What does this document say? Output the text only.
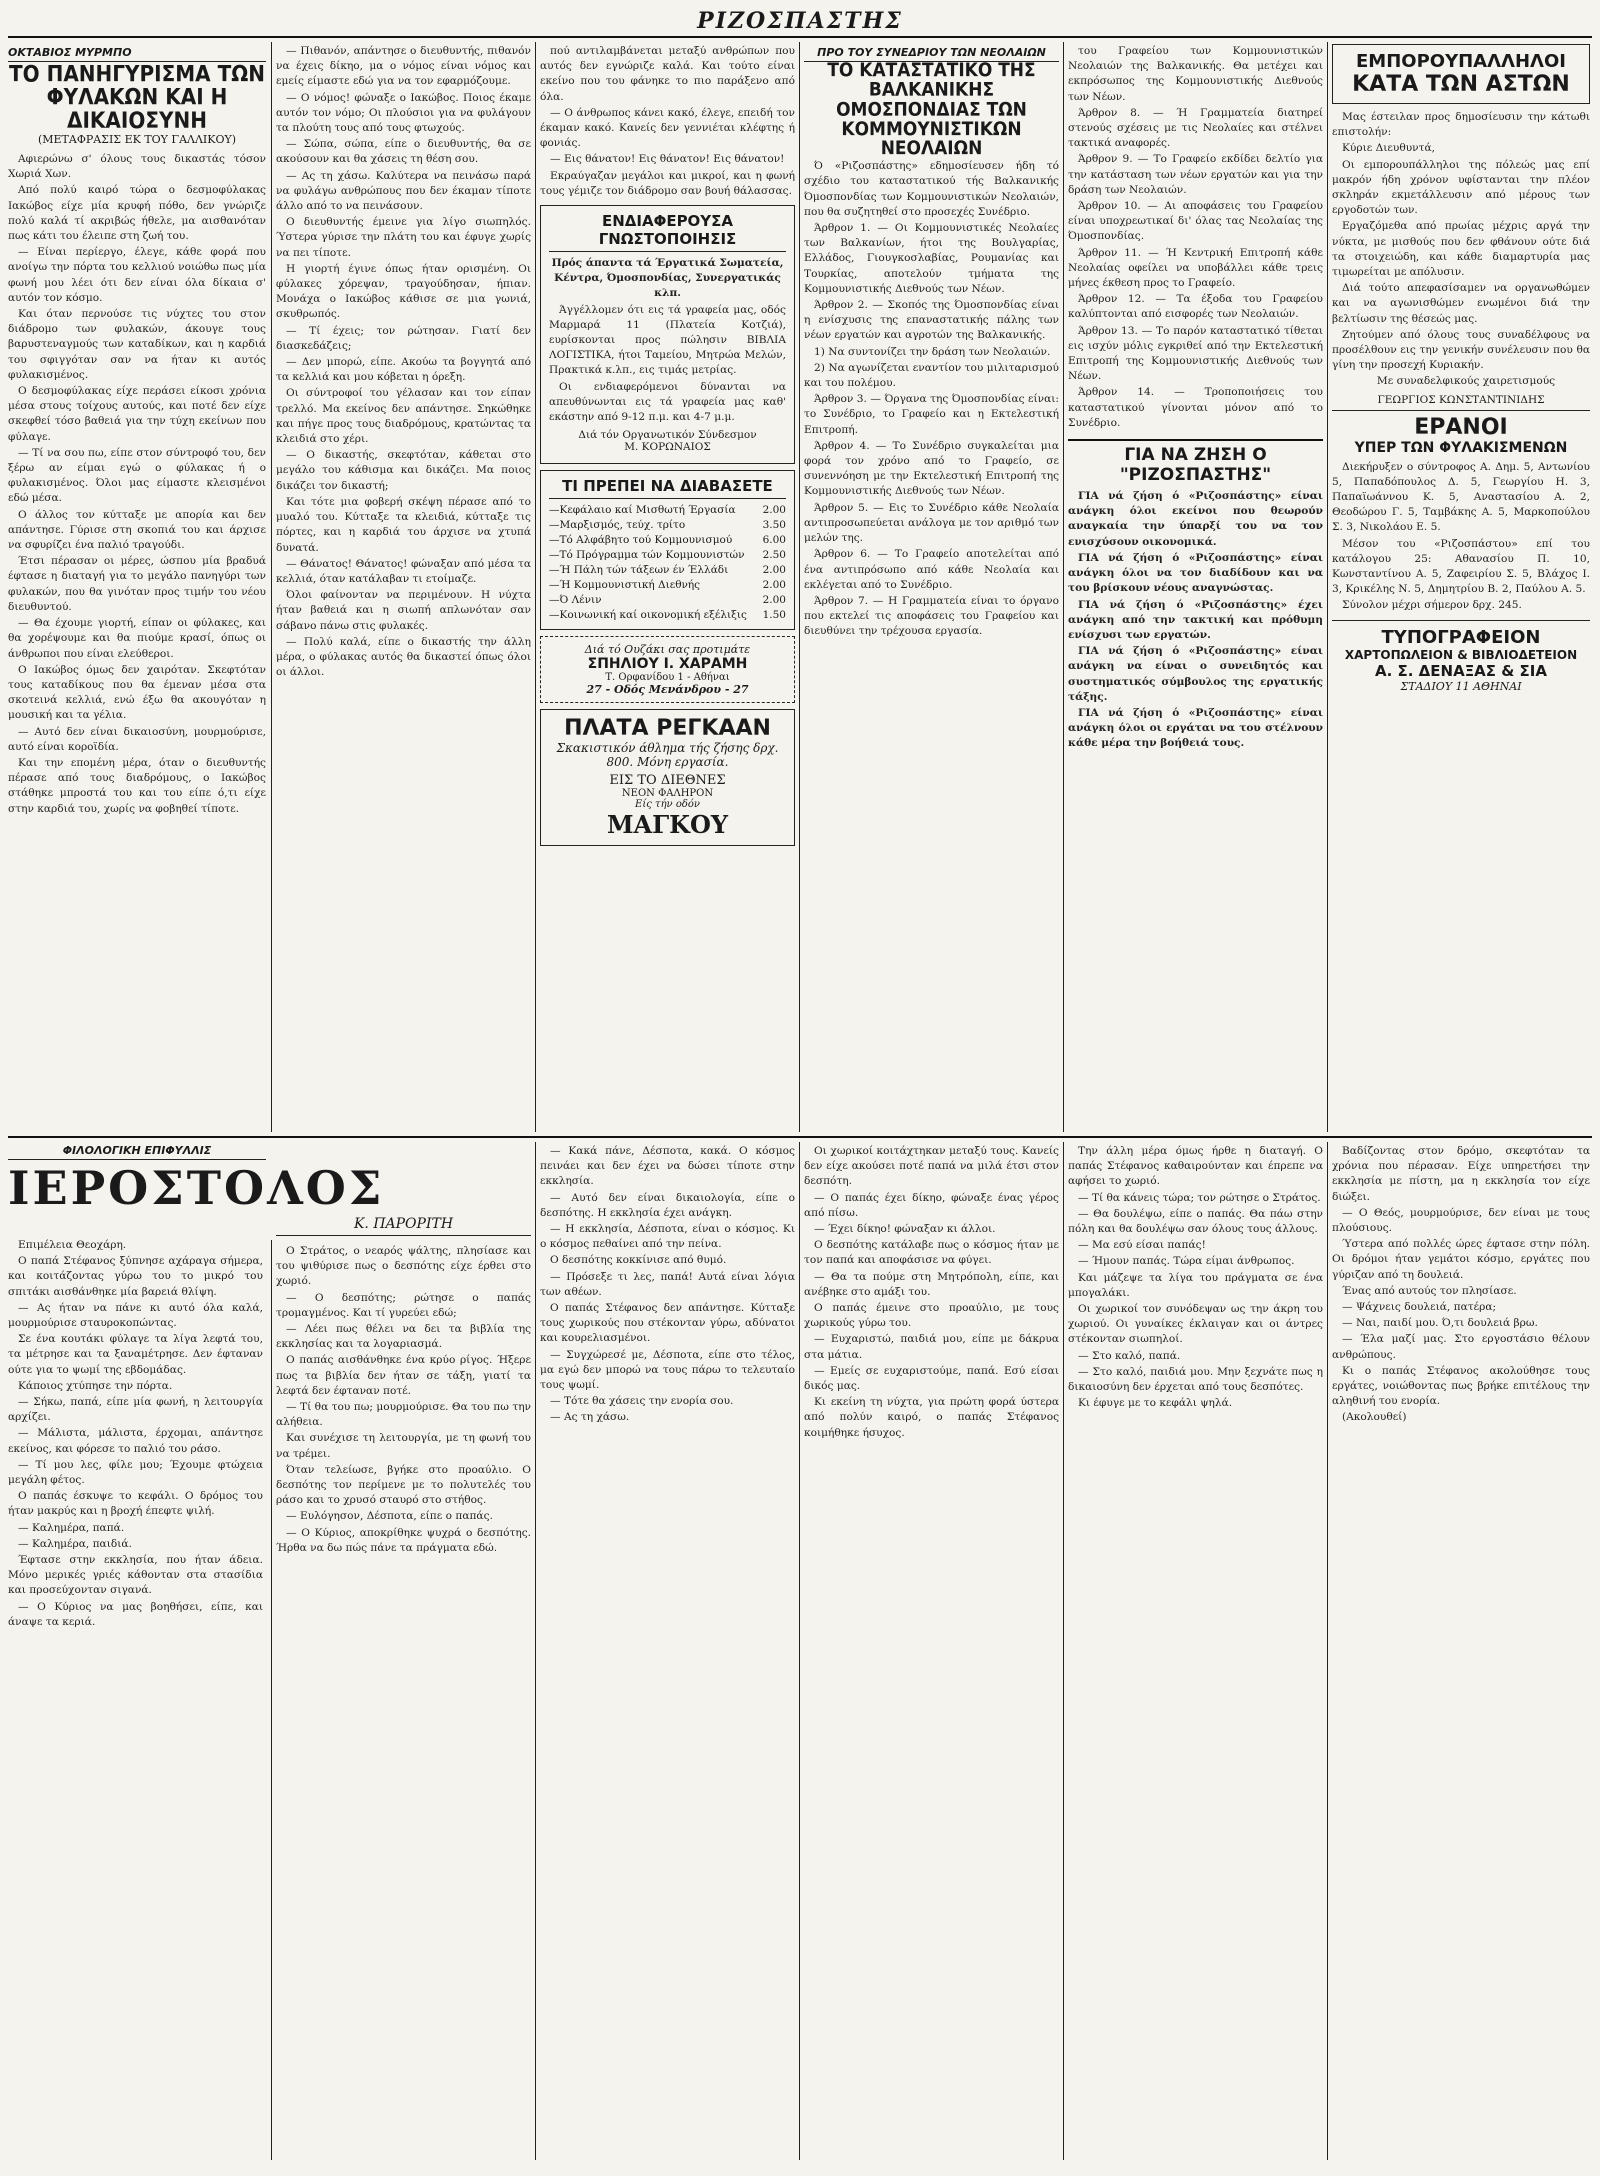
ΡΙΖΟΣΠΑΣΤΗΣ
ΟΚΤΑΒΙΟΣ ΜΥΡΜΠΟ
ΤΟ ΠΑΝΗΓΥΡΙΣΜΑ ΤΩΝ ΦΥΛΑΚΩΝ ΚΑΙ Η ΔΙΚΑΙΟΣΥΝΗ
(ΜΕΤΑΦΡΑΣΙΣ ΕΚ ΤΟΥ ΓΑΛΛΙΚΟΥ)

Αφιερώνω σ' όλους τους δικαστάς τόσον Χωριά Χων.

Από πολύ καιρό τώρα ο δεσμοφύλακας Ιακώβος είχε μία κρυφή πόθο, δεν γνώριζε πολύ καλά τί ακριβώς ήθελε, μα αισθανόταν πως κάτι του έλειπε στη ζωή του.

— Είναι περίεργο, έλεγε, κάθε φορά που ανοίγω την πόρτα του κελλιού νοιώθω πως μία φωνή μου λέει ότι δεν είναι όλα δίκαια σ' αυτόν τον κόσμο.

Και όταν περνούσε τις νύχτες του στον διάδρομο των φυλακών, άκουγε τους βαρυστεναγμούς των καταδίκων, και η καρδιά του σφιγγόταν σαν να ήταν κι αυτός φυλακισμένος.

Ο δεσμοφύλακας είχε περάσει είκοσι χρόνια μέσα στους τοίχους αυτούς, και ποτέ δεν είχε σκεφθεί τόσο βαθειά για την τύχη εκείνων που φύλαγε.

— Τί να σου πω, είπε στον σύντροφό του, δεν ξέρω αν είμαι εγώ ο φύλακας ή ο φυλακισμένος. Όλοι μας είμαστε κλεισμένοι εδώ μέσα.

Ο άλλος τον κύτταξε με απορία και δεν απάντησε. Γύρισε στη σκοπιά του και άρχισε να σφυρίζει ένα παλιό τραγούδι.

Έτσι πέρασαν οι μέρες, ώσπου μία βραδυά έφτασε η διαταγή για το μεγάλο πανηγύρι των φυλακών, που θα γινόταν προς τιμήν του νέου διευθυντού.

— Θα έχουμε γιορτή, είπαν οι φύλακες, και θα χορέψουμε και θα πιούμε κρασί, όπως οι άνθρωποι που είναι ελεύθεροι.

Ο Ιακώβος όμως δεν χαιρόταν. Σκεφτόταν τους καταδίκους που θα έμεναν μέσα στα σκοτεινά κελλιά, ενώ έξω θα ακουγόταν η μουσική και τα γέλια.

— Αυτό δεν είναι δικαιοσύνη, μουρμούρισε, αυτό είναι κοροϊδία.

Και την επομένη μέρα, όταν ο διευθυντής πέρασε από τους διαδρόμους, ο Ιακώβος στάθηκε μπροστά του και του είπε ό,τι είχε στην καρδιά του, χωρίς να φοβηθεί τίποτε.

— Πιθανόν, απάντησε ο διευθυντής, πιθανόν να έχεις δίκηο, μα ο νόμος είναι νόμος και εμείς είμαστε εδώ για να τον εφαρμόζουμε.

— Ο νόμος! φώναξε ο Ιακώβος. Ποιος έκαμε αυτόν τον νόμο; Οι πλούσιοι για να φυλάγουν τα πλούτη τους από τους φτωχούς.

— Σώπα, σώπα, είπε ο διευθυντής, θα σε ακούσουν και θα χάσεις τη θέση σου.

— Ας τη χάσω. Καλύτερα να πεινάσω παρά να φυλάγω ανθρώπους που δεν έκαμαν τίποτε άλλο από το να πεινάσουν.

Ο διευθυντής έμεινε για λίγο σιωπηλός. Ύστερα γύρισε την πλάτη του και έφυγε χωρίς να πει τίποτε.

Η γιορτή έγινε όπως ήταν ορισμένη. Οι φύλακες χόρεψαν, τραγούδησαν, ήπιαν. Μονάχα ο Ιακώβος κάθισε σε μια γωνιά, σκυθρωπός.

— Τί έχεις; τον ρώτησαν. Γιατί δεν διασκεδάζεις;

— Δεν μπορώ, είπε. Ακούω τα βογγητά από τα κελλιά και μου κόβεται η όρεξη.

Οι σύντροφοί του γέλασαν και τον είπαν τρελλό. Μα εκείνος δεν απάντησε. Σηκώθηκε και πήγε προς τους διαδρόμους, κρατώντας τα κλειδιά στο χέρι.

— Ο δικαστής, σκεφτόταν, κάθεται στο μεγάλο του κάθισμα και δικάζει. Μα ποιος δικάζει τον δικαστή;

Και τότε μια φοβερή σκέψη πέρασε από το μυαλό του. Κύτταξε τα κλειδιά, κύτταξε τις πόρτες, και η καρδιά του άρχισε να χτυπά δυνατά.

— Θάνατος! Θάνατος! φώναξαν από μέσα τα κελλιά, όταν κατάλαβαν τι ετοίμαζε.

Όλοι φαίνονταν να περιμένουν. Η νύχτα ήταν βαθειά και η σιωπή απλωνόταν σαν σάβανο πάνω στις φυλακές.

— Πολύ καλά, είπε ο δικαστής την άλλη μέρα, ο φύλακας αυτός θα δικαστεί όπως όλοι οι άλλοι.

πού αντιλαμβάνεται μεταξύ ανθρώπων που αυτός δεν εγνώριζε καλά. Και τούτο είναι εκείνο που του φάνηκε το πιο παράξενο από όλα.

— Ο άνθρωπος κάνει κακό, έλεγε, επειδή τον έκαμαν κακό. Κανείς δεν γεννιέται κλέφτης ή φονιάς.

— Εις θάνατον! Εις θάνατον! Εις θάνατον!

Εκραύγαζαν μεγάλοι και μικροί, και η φωνή τους γέμιζε τον διάδρομο σαν βουή θάλασσας.

ΕΝΔΙΑΦΕΡΟΥΣΑ ΓΝΩΣΤΟΠΟΙΗΣΙΣ

Πρός άπαντα τά Έργατικά Σωματεία, Κέντρα, Όμοσπονδίας, Συνεργατικάς κλπ.

Άγγέλλομεν ότι εις τά γραφεία μας, οδός Μαρμαρά 11 (Πλατεία Κοτζιά), ευρίσκονται προς πώλησιν ΒΙΒΛΙΑ ΛΟΓΙΣΤΙΚΑ, ήτοι Ταμείου, Μητρώα Μελών, Πρακτικά κ.λπ., εις τιμάς μετρίας.

Οι ενδιαφερόμενοι δύνανται να απευθύνωνται εις τά γραφεία μας καθ' εκάστην από 9-12 π.μ. και 4-7 μ.μ.

Διά τόν Οργανωτικόν Σύνδεσμον
Μ. ΚΟΡΩΝΑΙΟΣ
ΤΙ ΠΡΕΠΕΙ ΝΑ ΔΙΑΒΑΣΕΤΕ
—Κεφάλαιο καί Μισθωτή Έργασία	2.00
—Μαρξισμός, τεύχ. τρίτο	3.50
—Τό Αλφάβητο τού Κομμουνισμού	6.00
—Τό Πρόγραμμα τών Κομμουνιστών 2.50
—Ή Πάλη τών τάξεων έν Έλλάδι	2.00
—Ή Κομμουνιστική Διεθνής	2.00
—Ό Λένιν	2.00
—Κοινωνική καί οικονομική εξέλιξις 1.50
Διά τό Ουζάκι σας προτιμάτε
ΣΠΗΛΙΟΥ Ι. ΧΑΡΑΜΗ
Τ. Ορφανίδου 1 - Αθήναι
27 - Οδός Μενάνδρου - 27
ΠΛΑΤΑ ΡΕΓΚΑΑΝ
Σκακιστικόν άθλημα τής ζήσης δρχ. 800. Μόνη εργασία.
ΕΙΣ ΤΟ ΔΙΕΘΝΕΣ
ΝΕΟΝ ΦΑΛΗΡΟΝ
Είς τήν οδόν
ΜΑΓΚΟΥ
ΠΡΟ ΤΟΥ ΣΥΝΕΔΡΙΟΥ ΤΩΝ ΝΕΟΛΑΙΩΝ
ΤΟ ΚΑΤΑΣΤΑΤΙΚΟ ΤΗΣ ΒΑΛΚΑΝΙΚΗΣ ΟΜΟΣΠΟΝΔΙΑΣ ΤΩΝ ΚΟΜΜΟΥΝΙΣΤΙΚΩΝ ΝΕΟΛΑΙΩΝ

Ό «Ριζοσπάστης» εδημοσίευσεν ήδη τό σχέδιο του καταστατικού τής Βαλκανικής Όμοσπονδίας των Κομμουνιστικών Νεολαιών, που θα συζητηθεί στο προσεχές Συνέδριο.

Άρθρον 1. — Οι Κομμουνιστικές Νεολαίες των Βαλκανίων, ήτοι της Βουλγαρίας, Ελλάδος, Γιουγκοσλαβίας, Ρουμανίας και Τουρκίας, αποτελούν τμήματα της Κομμουνιστικής Διεθνούς των Νέων.

Άρθρον 2. — Σκοπός της Όμοσπονδίας είναι η ενίσχυσις της επαναστατικής πάλης των νέων εργατών και αγροτών της Βαλκανικής.

1) Να συντονίζει την δράση των Νεολαιών.

2) Να αγωνίζεται εναντίον του μιλιταρισμού και του πολέμου.

Άρθρον 3. — Όργανα της Όμοσπονδίας είναι: το Συνέδριο, το Γραφείο και η Εκτελεστική Επιτροπή.

Άρθρον 4. — Το Συνέδριο συγκαλείται μια φορά τον χρόνο από το Γραφείο, σε συνεννόηση με την Εκτελεστική Επιτροπή της Κομμουνιστικής Διεθνούς των Νέων.

Άρθρον 5. — Εις το Συνέδριο κάθε Νεολαία αντιπροσωπεύεται ανάλογα με τον αριθμό των μελών της.

Άρθρον 6. — Το Γραφείο αποτελείται από ένα αντιπρόσωπο από κάθε Νεολαία και εκλέγεται από το Συνέδριο.

Άρθρον 7. — Η Γραμματεία είναι το όργανο που εκτελεί τις αποφάσεις του Γραφείου και διευθύνει την τρέχουσα εργασία.

του Γραφείου των Κομμουνιστικών Νεολαιών της Βαλκανικής. Θα μετέχει και εκπρόσωπος της Κομμουνιστικής Διεθνούς των Νέων.

Άρθρον 8. — Ή Γραμματεία διατηρεί στενούς σχέσεις με τις Νεολαίες και στέλνει τακτικά αναφορές.

Άρθρον 9. — Το Γραφείο εκδίδει δελτίο για την κατάσταση των νέων εργατών και για την δράση των Νεολαιών.

Άρθρον 10. — Αι αποφάσεις του Γραφείου είναι υποχρεωτικαί δι' όλας τας Νεολαίας της Όμοσπονδίας.

Άρθρον 11. — Ή Κεντρική Επιτροπή κάθε Νεολαίας οφείλει να υποβάλλει κάθε τρεις μήνες έκθεση προς το Γραφείο.

Άρθρον 12. — Τα έξοδα του Γραφείου καλύπτονται από εισφορές των Νεολαιών.

Άρθρον 13. — Το παρόν καταστατικό τίθεται εις ισχύν μόλις εγκριθεί από την Εκτελεστική Επιτροπή της Κομμουνιστικής Διεθνούς των Νέων.

Άρθρον 14. — Τροποποιήσεις του καταστατικού γίνονται μόνον από το Συνέδριο.

ΓΙΑ ΝΑ ΖΗΣΗ Ο "ΡΙΖΟΣΠΑΣΤΗΣ"

ΓΙΑ νά ζήση ό «Ριζοσπάστης» είναι ανάγκη όλοι εκείνοι που θεωρούν αναγκαία την ύπαρξί του να τον ενισχύσουν οικονομικά.

ΓΙΑ νά ζήση ό «Ριζοσπάστης» είναι ανάγκη όλοι να τον διαδίδουν και να του βρίσκουν νέους αναγνώστας.

ΓΙΑ νά ζήση ό «Ριζοσπάστης» έχει ανάγκη από την τακτική και πρόθυμη ενίσχυσι των εργατών.

ΓΙΑ νά ζήση ό «Ριζοσπάστης» είναι ανάγκη να είναι ο συνειδητός και συστηματικός σύμβουλος της εργατικής τάξης.

ΓΙΑ νά ζήση ό «Ριζοσπάστης» είναι ανάγκη όλοι οι εργάται να του στέλνουν κάθε μέρα την βοήθειά τους.

ΕΜΠΟΡΟΥΠΑΛΛΗΛΟΙ
ΚΑΤΑ ΤΩΝ ΑΣΤΩΝ

Μας έστειλαν προς δημοσίευσιν την κάτωθι επιστολήν:

Κύριε Διευθυντά,

Οι εμπορουπάλληλοι της πόλεώς μας επί μακρόν ήδη χρόνον υφίστανται την πλέον σκληράν εκμετάλλευσιν από μέρους των εργοδοτών των.

Εργαζόμεθα από πρωίας μέχρις αργά την νύκτα, με μισθούς που δεν φθάνουν ούτε διά τα στοιχειώδη, και κάθε διαμαρτυρία μας τιμωρείται με απόλυσιν.

Διά τούτο απεφασίσαμεν να οργανωθώμεν και να αγωνισθώμεν ενωμένοι διά την βελτίωσιν της θέσεώς μας.

Ζητούμεν από όλους τους συναδέλφους να προσέλθουν εις την γενικήν συνέλευσιν που θα γίνη την προσεχή Κυριακήν.

Με συναδελφικούς χαιρετισμούς

ΓΕΩΡΓΙΟΣ ΚΩΝΣΤΑΝΤΙΝΙΔΗΣ
ΕΡΑΝΟΙ
ΥΠΕΡ ΤΩΝ ΦΥΛΑΚΙΣΜΕΝΩΝ

Διεκήρυξεν ο σύντροφος Α. Δημ. 5, Αντωνίου 5, Παπαδόπουλος Δ. 5, Γεωργίου Η. 3, Παπαϊωάννου Κ. 5, Αναστασίου Α. 2, Θεοδώρου Γ. 5, Ταμβάκης Α. 5, Μαρκοπούλου Σ. 3, Νικολάου Ε. 5.

Μέσον του «Ριζοσπάστου» επί του κατάλογου 25: Αθανασίου Π. 10, Κωνσταντίνου Α. 5, Ζαφειρίου Σ. 5, Βλάχος Ι. 3, Κρικέλης Ν. 5, Δημητρίου Β. 2, Παύλου Α. 5.

Σύνολον μέχρι σήμερον δρχ. 245.

ΤΥΠΟΓΡΑΦΕΙΟΝ
ΧΑΡΤΟΠΩΛΕΙΟΝ & ΒΙΒΛΙΟΔΕΤΕΙΟΝ
Α. Σ. ΔΕΝΑΞΑΣ & ΣΙΑ
ΣΤΑΔΙΟΥ 11 ΑΘΗΝΑΙ
ΦΙΛΟΛΟΓΙΚΗ ΕΠΙΦΥΛΛΙΣ
ΙΕΡΟΣΤΟΛΟΣ
Κ. ΠΑΡΟΡΙΤΗ

Επιμέλεια Θεοχάρη.

Ο παπά Στέφανος ξύπνησε αχάραγα σήμερα, και κοιτάζοντας γύρω του το μικρό του σπιτάκι αισθάνθηκε μία βαρειά θλίψη.

— Ας ήταν να πάνε κι αυτό όλα καλά, μουρμούρισε σταυροκοπώντας.

Σε ένα κουτάκι φύλαγε τα λίγα λεφτά του, τα μέτρησε και τα ξαναμέτρησε. Δεν έφταναν ούτε για το ψωμί της εβδομάδας.

Κάποιος χτύπησε την πόρτα.

— Σήκω, παπά, είπε μία φωνή, η λειτουργία αρχίζει.

— Μάλιστα, μάλιστα, έρχομαι, απάντησε εκείνος, και φόρεσε το παλιό του ράσο.

— Τί μου λες, φίλε μου; Έχουμε φτώχεια μεγάλη φέτος.

Ο παπάς έσκυψε το κεφάλι. Ο δρόμος του ήταν μακρύς και η βροχή έπεφτε ψιλή.

— Καλημέρα, παπά.

— Καλημέρα, παιδιά.

Έφτασε στην εκκλησία, που ήταν άδεια. Μόνο μερικές γριές κάθονταν στα στασίδια και προσεύχονταν σιγανά.

— Ο Κύριος να μας βοηθήσει, είπε, και άναψε τα κεριά.

Ο Στράτος, ο νεαρός ψάλτης, πλησίασε και του ψιθύρισε πως ο δεσπότης είχε έρθει στο χωριό.

— Ο δεσπότης; ρώτησε ο παπάς τρομαγμένος. Και τί γυρεύει εδώ;

— Λέει πως θέλει να δει τα βιβλία της εκκλησίας και τα λογαριασμά.

Ο παπάς αισθάνθηκε ένα κρύο ρίγος. Ήξερε πως τα βιβλία δεν ήταν σε τάξη, γιατί τα λεφτά δεν έφταναν ποτέ.

— Τί θα του πω; μουρμούρισε. Θα του πω την αλήθεια.

Και συνέχισε τη λειτουργία, με τη φωνή του να τρέμει.

Όταν τελείωσε, βγήκε στο προαύλιο. Ο δεσπότης τον περίμενε με το πολυτελές του ράσο και το χρυσό σταυρό στο στήθος.

— Ευλόγησον, Δέσποτα, είπε ο παπάς.

— Ο Κύριος, αποκρίθηκε ψυχρά ο δεσπότης. Ήρθα να δω πώς πάνε τα πράγματα εδώ.

— Κακά πάνε, Δέσποτα, κακά. Ο κόσμος πεινάει και δεν έχει να δώσει τίποτε στην εκκλησία.

— Αυτό δεν είναι δικαιολογία, είπε ο δεσπότης. Η εκκλησία έχει ανάγκη.

— Η εκκλησία, Δέσποτα, είναι ο κόσμος. Κι ο κόσμος πεθαίνει από την πείνα.

Ο δεσπότης κοκκίνισε από θυμό.

— Πρόσεξε τι λες, παπά! Αυτά είναι λόγια των αθέων.

Ο παπάς Στέφανος δεν απάντησε. Κύτταξε τους χωρικούς που στέκονταν γύρω, αδύνατοι και κουρελιασμένοι.

— Συγχώρεσέ με, Δέσποτα, είπε στο τέλος, μα εγώ δεν μπορώ να τους πάρω το τελευταίο τους ψωμί.

— Τότε θα χάσεις την ενορία σου.

— Ας τη χάσω.

Οι χωρικοί κοιτάχτηκαν μεταξύ τους. Κανείς δεν είχε ακούσει ποτέ παπά να μιλά έτσι στον δεσπότη.

— Ο παπάς έχει δίκηο, φώναξε ένας γέρος από πίσω.

— Έχει δίκηο! φώναξαν κι άλλοι.

Ο δεσπότης κατάλαβε πως ο κόσμος ήταν με τον παπά και αποφάσισε να φύγει.

— Θα τα πούμε στη Μητρόπολη, είπε, και ανέβηκε στο αμάξι του.

Ο παπάς έμεινε στο προαύλιο, με τους χωρικούς γύρω του.

— Ευχαριστώ, παιδιά μου, είπε με δάκρυα στα μάτια.

— Εμείς σε ευχαριστούμε, παπά. Εσύ είσαι δικός μας.

Κι εκείνη τη νύχτα, για πρώτη φορά ύστερα από πολύν καιρό, ο παπάς Στέφανος κοιμήθηκε ήσυχος.

Την άλλη μέρα όμως ήρθε η διαταγή. Ο παπάς Στέφανος καθαιρούνταν και έπρεπε να αφήσει το χωριό.

— Τί θα κάνεις τώρα; τον ρώτησε ο Στράτος.

— Θα δουλέψω, είπε ο παπάς. Θα πάω στην πόλη και θα δουλέψω σαν όλους τους άλλους.

— Μα εσύ είσαι παπάς!

— Ήμουν παπάς. Τώρα είμαι άνθρωπος.

Και μάζεψε τα λίγα του πράγματα σε ένα μπογαλάκι.

Οι χωρικοί τον συνόδεψαν ως την άκρη του χωριού. Οι γυναίκες έκλαιγαν και οι άντρες στέκονταν σιωπηλοί.

— Στο καλό, παπά.

— Στο καλό, παιδιά μου. Μην ξεχνάτε πως η δικαιοσύνη δεν έρχεται από τους δεσπότες.

Κι έφυγε με το κεφάλι ψηλά.

Βαδίζοντας στον δρόμο, σκεφτόταν τα χρόνια που πέρασαν. Είχε υπηρετήσει την εκκλησία με πίστη, μα η εκκλησία τον είχε διώξει.

— Ο Θεός, μουρμούρισε, δεν είναι με τους πλούσιους.

Ύστερα από πολλές ώρες έφτασε στην πόλη. Οι δρόμοι ήταν γεμάτοι κόσμο, εργάτες που γύριζαν από τη δουλειά.

Ένας από αυτούς τον πλησίασε.

— Ψάχνεις δουλειά, πατέρα;

— Ναι, παιδί μου. Ό,τι δουλειά βρω.

— Έλα μαζί μας. Στο εργοστάσιο θέλουν ανθρώπους.

Κι ο παπάς Στέφανος ακολούθησε τους εργάτες, νοιώθοντας πως βρήκε επιτέλους την αληθινή του ενορία.

(Ακολουθεί)
